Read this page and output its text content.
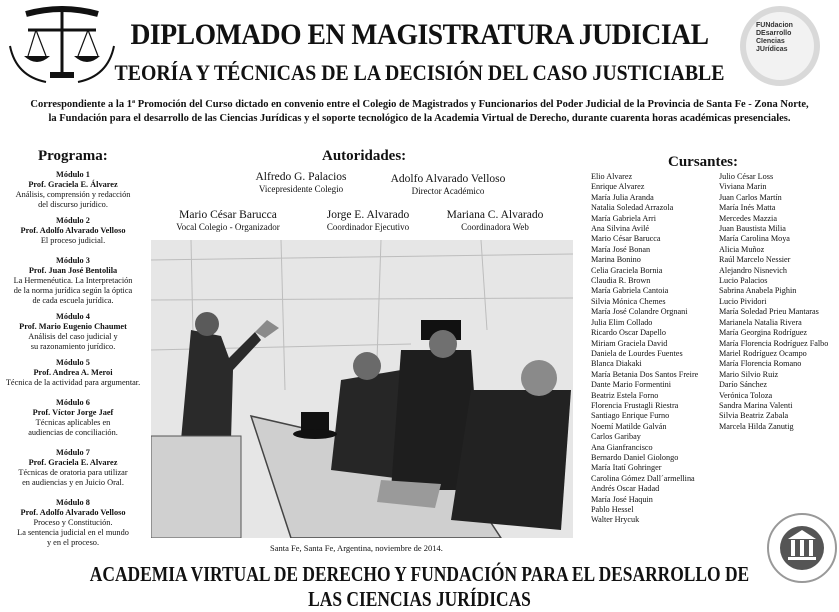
DIPLOMADO EN MAGISTRATURA JUDICIAL
TEORÍA Y TÉCNICAS DE LA DECISIÓN DEL CASO JUSTICIABLE
FUNdacion
DEsarrollo
CIencias
JUrídicas
Correspondiente a la 1ª Promoción del Curso dictado en convenio entre el Colegio de Magistrados y Funcionarios del Poder Judicial de la Provincia de Santa Fe - Zona Norte,
la Fundación para el desarrollo de las Ciencias Jurídicas y el soporte tecnológico de la Academia Virtual de Derecho, durante cuarenta horas académicas presenciales.
Programa:
Módulo 1
Prof. Graciela E. Álvarez
Análisis, comprensión y redacción
del discurso jurídico.
Módulo 2
Prof. Adolfo Alvarado Velloso
El proceso judicial.
Módulo 3
Prof. Juan José Bentolila
La Hermenéutica. La Interpretación
de la norma jurídica según la óptica
de cada escuela jurídica.
Módulo 4
Prof. Mario Eugenio Chaumet
Análisis del caso judicial y
su razonamiento jurídico.
Módulo 5
Prof. Andrea A. Meroi
Técnica de la actividad para argumentar.
Módulo 6
Prof. Víctor Jorge Jaef
Técnicas aplicables en
audiencias de conciliación.
Módulo 7
Prof. Graciela E. Alvarez
Técnicas de oratoria para utilizar
en audiencias y en Juicio Oral.
Módulo 8
Prof. Adolfo Alvarado Velloso
Proceso y Constitución.
La sentencia judicial en el mundo
y en el proceso.
Autoridades:
Alfredo G. Palacios
Vicepresidente Colegio
Adolfo Alvarado Velloso
Director Académico
Mario César Barucca
Vocal Colegio - Organizador
Jorge E. Alvarado
Coordinador Ejecutivo
Mariana C. Alvarado
Coordinadora Web
Santa Fe, Santa Fe, Argentina, noviembre de 2014.
Cursantes:
Elio Alvarez
Enrique Alvarez
María Julia Aranda
Natalia Soledad Arrazola
María Gabriela Arri
Ana Silvina Avilé
Mario César Barucca
María José Bonan
Marina Bonino
Celia Graciela Bornia
Claudia R. Brown
María Gabriela Cantoia
Silvia Mónica Chemes
María José Colandre Orgnani
Julia Elim Collado
Ricardo Oscar Dapello
Miriam Graciela David
Daniela de Lourdes Fuentes
Blanca Diakaki
María Betania Dos Santos Freire
Dante Mario Formentini
Beatriz Estela Forno
Florencia Frustagli Riestra
Santiago Enrique Furno
Noemí Matilde Galván
Carlos Garibay
Ana Gianfrancisco
Bernardo Daniel Giolongo
María Itatí Gohringer
Carolina Gómez Dall´armellina
Andrés Oscar Hadad
María José Haquin
Pablo Hessel
Walter Hrycuk
Julio César Loss
Viviana Marin
Juan Carlos Martín
María Inés Matta
Mercedes Mazzia
Juan Baustista Milia
María Carolina Moya
Alicia Muñoz
Raúl Marcelo Nessier
Alejandro Nisnevich
Lucio Palacios
Sabrina Anabela Pighin
Lucio Pividori
María Soledad Prieu Mantaras
Marianela Natalia Rivera
María Georgina Rodríguez
María Florencia Rodríguez Falbo
Mariel Rodríguez Ocampo
María Florencia Romano
Mario Silvio Ruiz
Darío Sánchez
Verónica Toloza
Sandra Marina Valenti
Silvia Beatriz Zabala
Marcela Hilda Zanutig
ACADEMIA VIRTUAL DE DERECHO Y FUNDACIÓN PARA EL DESARROLLO DE LAS CIENCIAS JURÍDICAS
